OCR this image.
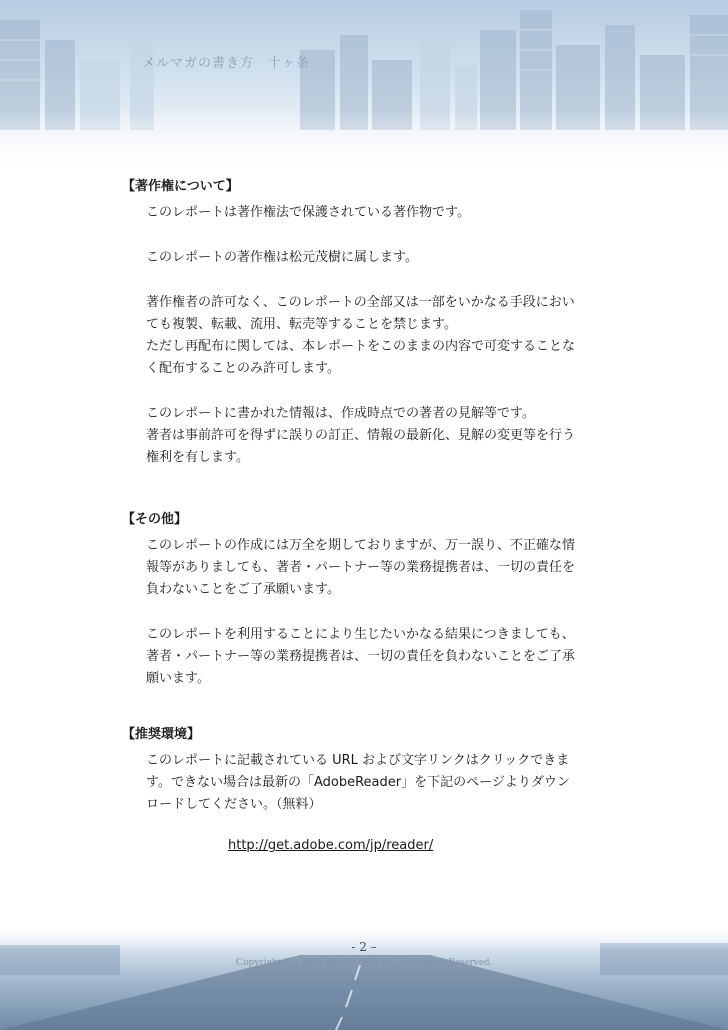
メルマガの書き方　十ヶ条
【著作権について】
このレポートは著作権法で保護されている著作物です。
このレポートの著作権は松元茂樹に属します。
著作権者の許可なく、このレポートの全部又は一部をいかなる手段におい
ても複製、転載、流用、転売等することを禁じます。
ただし再配布に関しては、本レポートをこのままの内容で可変することな
く配布することのみ許可します。
このレポートに書かれた情報は、作成時点での著者の見解等です。
著者は事前許可を得ずに誤りの訂正、情報の最新化、見解の変更等を行う
権利を有します。
【その他】
このレポートの作成には万全を期しておりますが、万一誤り、不正確な情
報等がありましても、著者・パートナー等の業務提携者は、一切の責任を
負わないことをご了承願います。
このレポートを利用することにより生じたいかなる結果につきましても、
著者・パートナー等の業務提携者は、一切の責任を負わないことをご了承
願います。
【推奨環境】
このレポートに記載されている URL および文字リンクはクリックできま
す。できない場合は最新の「AdobeReader」を下記のページよりダウン
ロードしてください。（無料）
http://get.adobe.com/jp/reader/
- 2 –
Copyright (C) 2009 NONKISTYLE. All Rights Reserved.
